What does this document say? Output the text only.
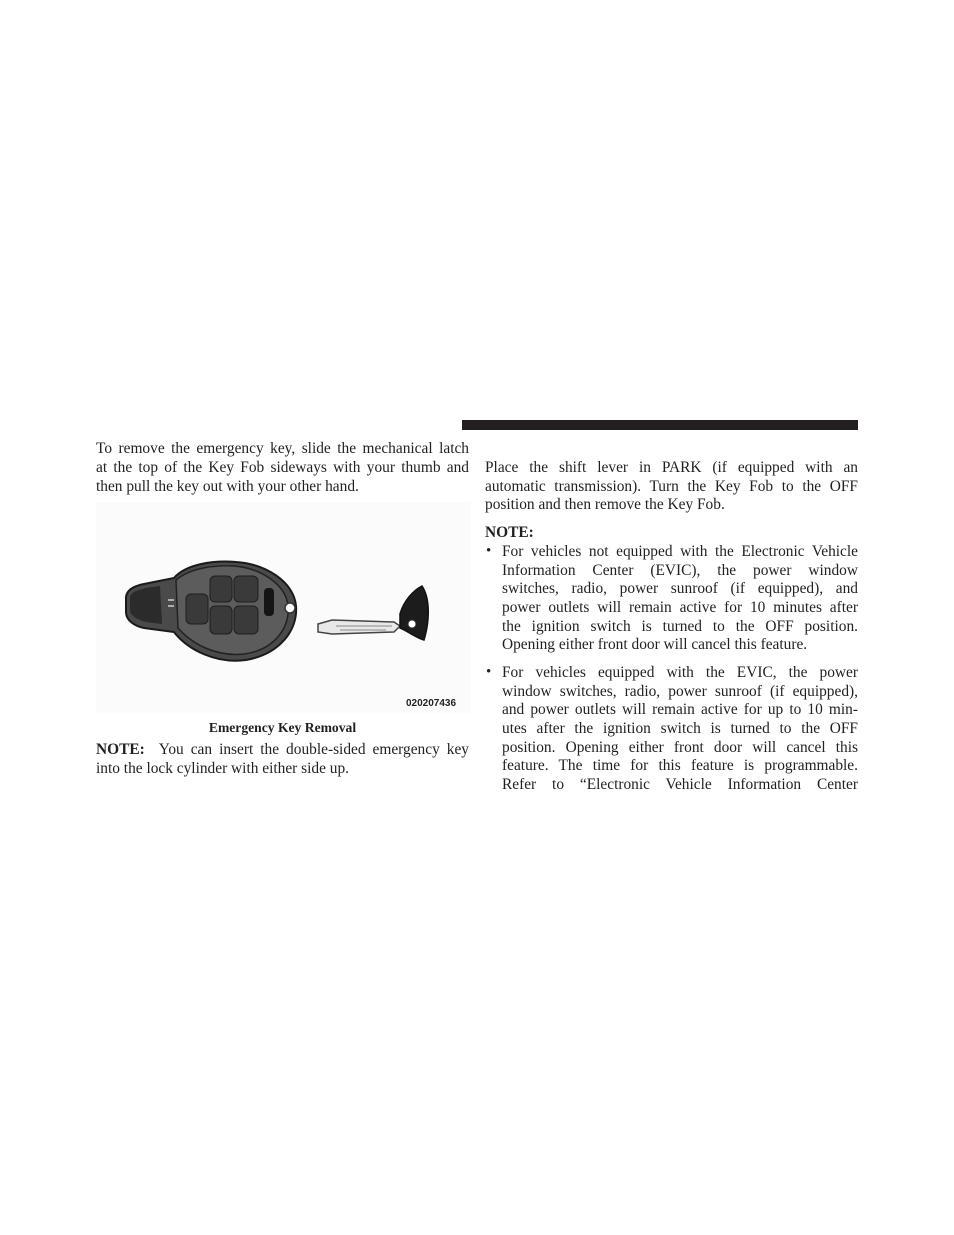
To remove the emergency key, slide the mechanical latch
at the top of the Key Fob sideways with your thumb and
then pull the key out with your other hand.
020207436
Emergency Key Removal
NOTE: You can insert the double-sided emergency key
into the lock cylinder with either side up.
Place the shift lever in PARK (if equipped with an
automatic transmission). Turn the Key Fob to the OFF
position and then remove the Key Fob.
NOTE:
• For vehicles not equipped with the Electronic Vehicle
Information Center (EVIC), the power window
switches, radio, power sunroof (if equipped), and
power outlets will remain active for 10 minutes after
the ignition switch is turned to the OFF position.
Opening either front door will cancel this feature.
• For vehicles equipped with the EVIC, the power
window switches, radio, power sunroof (if equipped),
and power outlets will remain active for up to 10 min-
utes after the ignition switch is turned to the OFF
position. Opening either front door will cancel this
feature. The time for this feature is programmable.
Refer to “Electronic Vehicle Information Center
